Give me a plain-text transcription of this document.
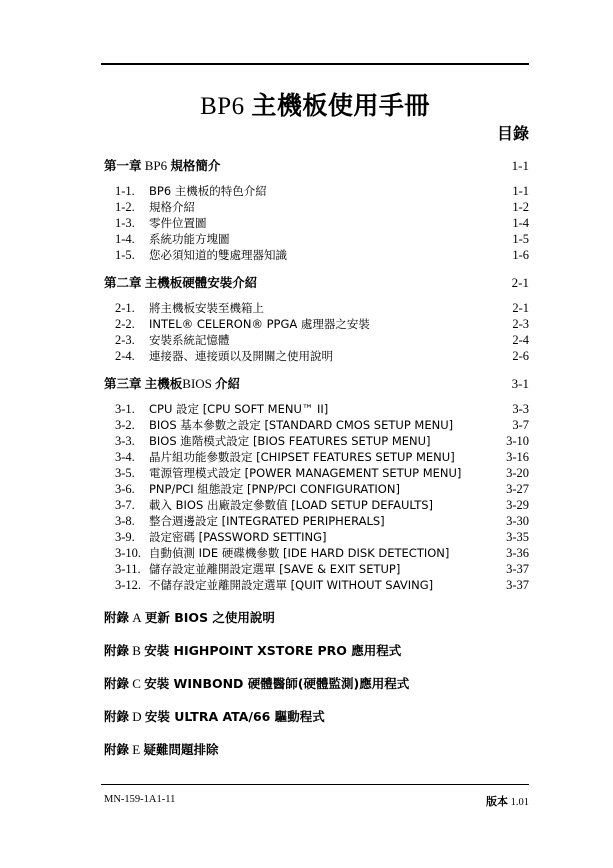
BP6 主機板使用手冊
目錄
第一章 BP6 規格簡介	1-1
1-1.	BP6 主機板的特色介紹	1-1
1-2.	規格介紹	1-2
1-3.	零件位置圖	1-4
1-4.	系統功能方塊圖	1-5
1-5.	您必須知道的雙處理器知識	1-6
第二章 主機板硬體安裝介紹	2-1
2-1.	將主機板安裝至機箱上	2-1
2-2.	INTEL® CELERON® PPGA 處理器之安裝	2-3
2-3.	安裝系統記憶體	2-4
2-4.	連接器、連接頭以及開關之使用說明	2-6
第三章 主機板BIOS 介紹	3-1
3-1.	CPU 設定 [CPU SOFT MENU™ II]	3-3
3-2.	BIOS 基本參數之設定 [STANDARD CMOS SETUP MENU]	3-7
3-3.	BIOS 進階模式設定 [BIOS FEATURES SETUP MENU]	3-10
3-4.	晶片組功能參數設定 [CHIPSET FEATURES SETUP MENU]	3-16
3-5.	電源管理模式設定 [POWER MANAGEMENT SETUP MENU]	3-20
3-6.	PNP/PCI 組態設定 [PNP/PCI CONFIGURATION]	3-27
3-7.	載入 BIOS 出廠設定參數值 [LOAD SETUP DEFAULTS]	3-29
3-8.	整合週邊設定 [INTEGRATED PERIPHERALS]	3-30
3-9.	設定密碼 [PASSWORD SETTING]	3-35
3-10. 自動偵測 IDE 硬碟機參數 [IDE HARD DISK DETECTION]	3-36
3-11. 儲存設定並離開設定選單 [SAVE & EXIT SETUP]	3-37
3-12. 不儲存設定並離開設定選單 [QUIT WITHOUT SAVING]	3-37
附錄 A 更新 BIOS 之使用說明
附錄 B 安裝 HIGHPOINT XSTORE PRO 應用程式
附錄 C 安裝 WINBOND 硬體醫師(硬體監測)應用程式
附錄 D 安裝 ULTRA ATA/66 驅動程式
附錄 E 疑難問題排除
MN-159-1A1-11	版本 1.01
